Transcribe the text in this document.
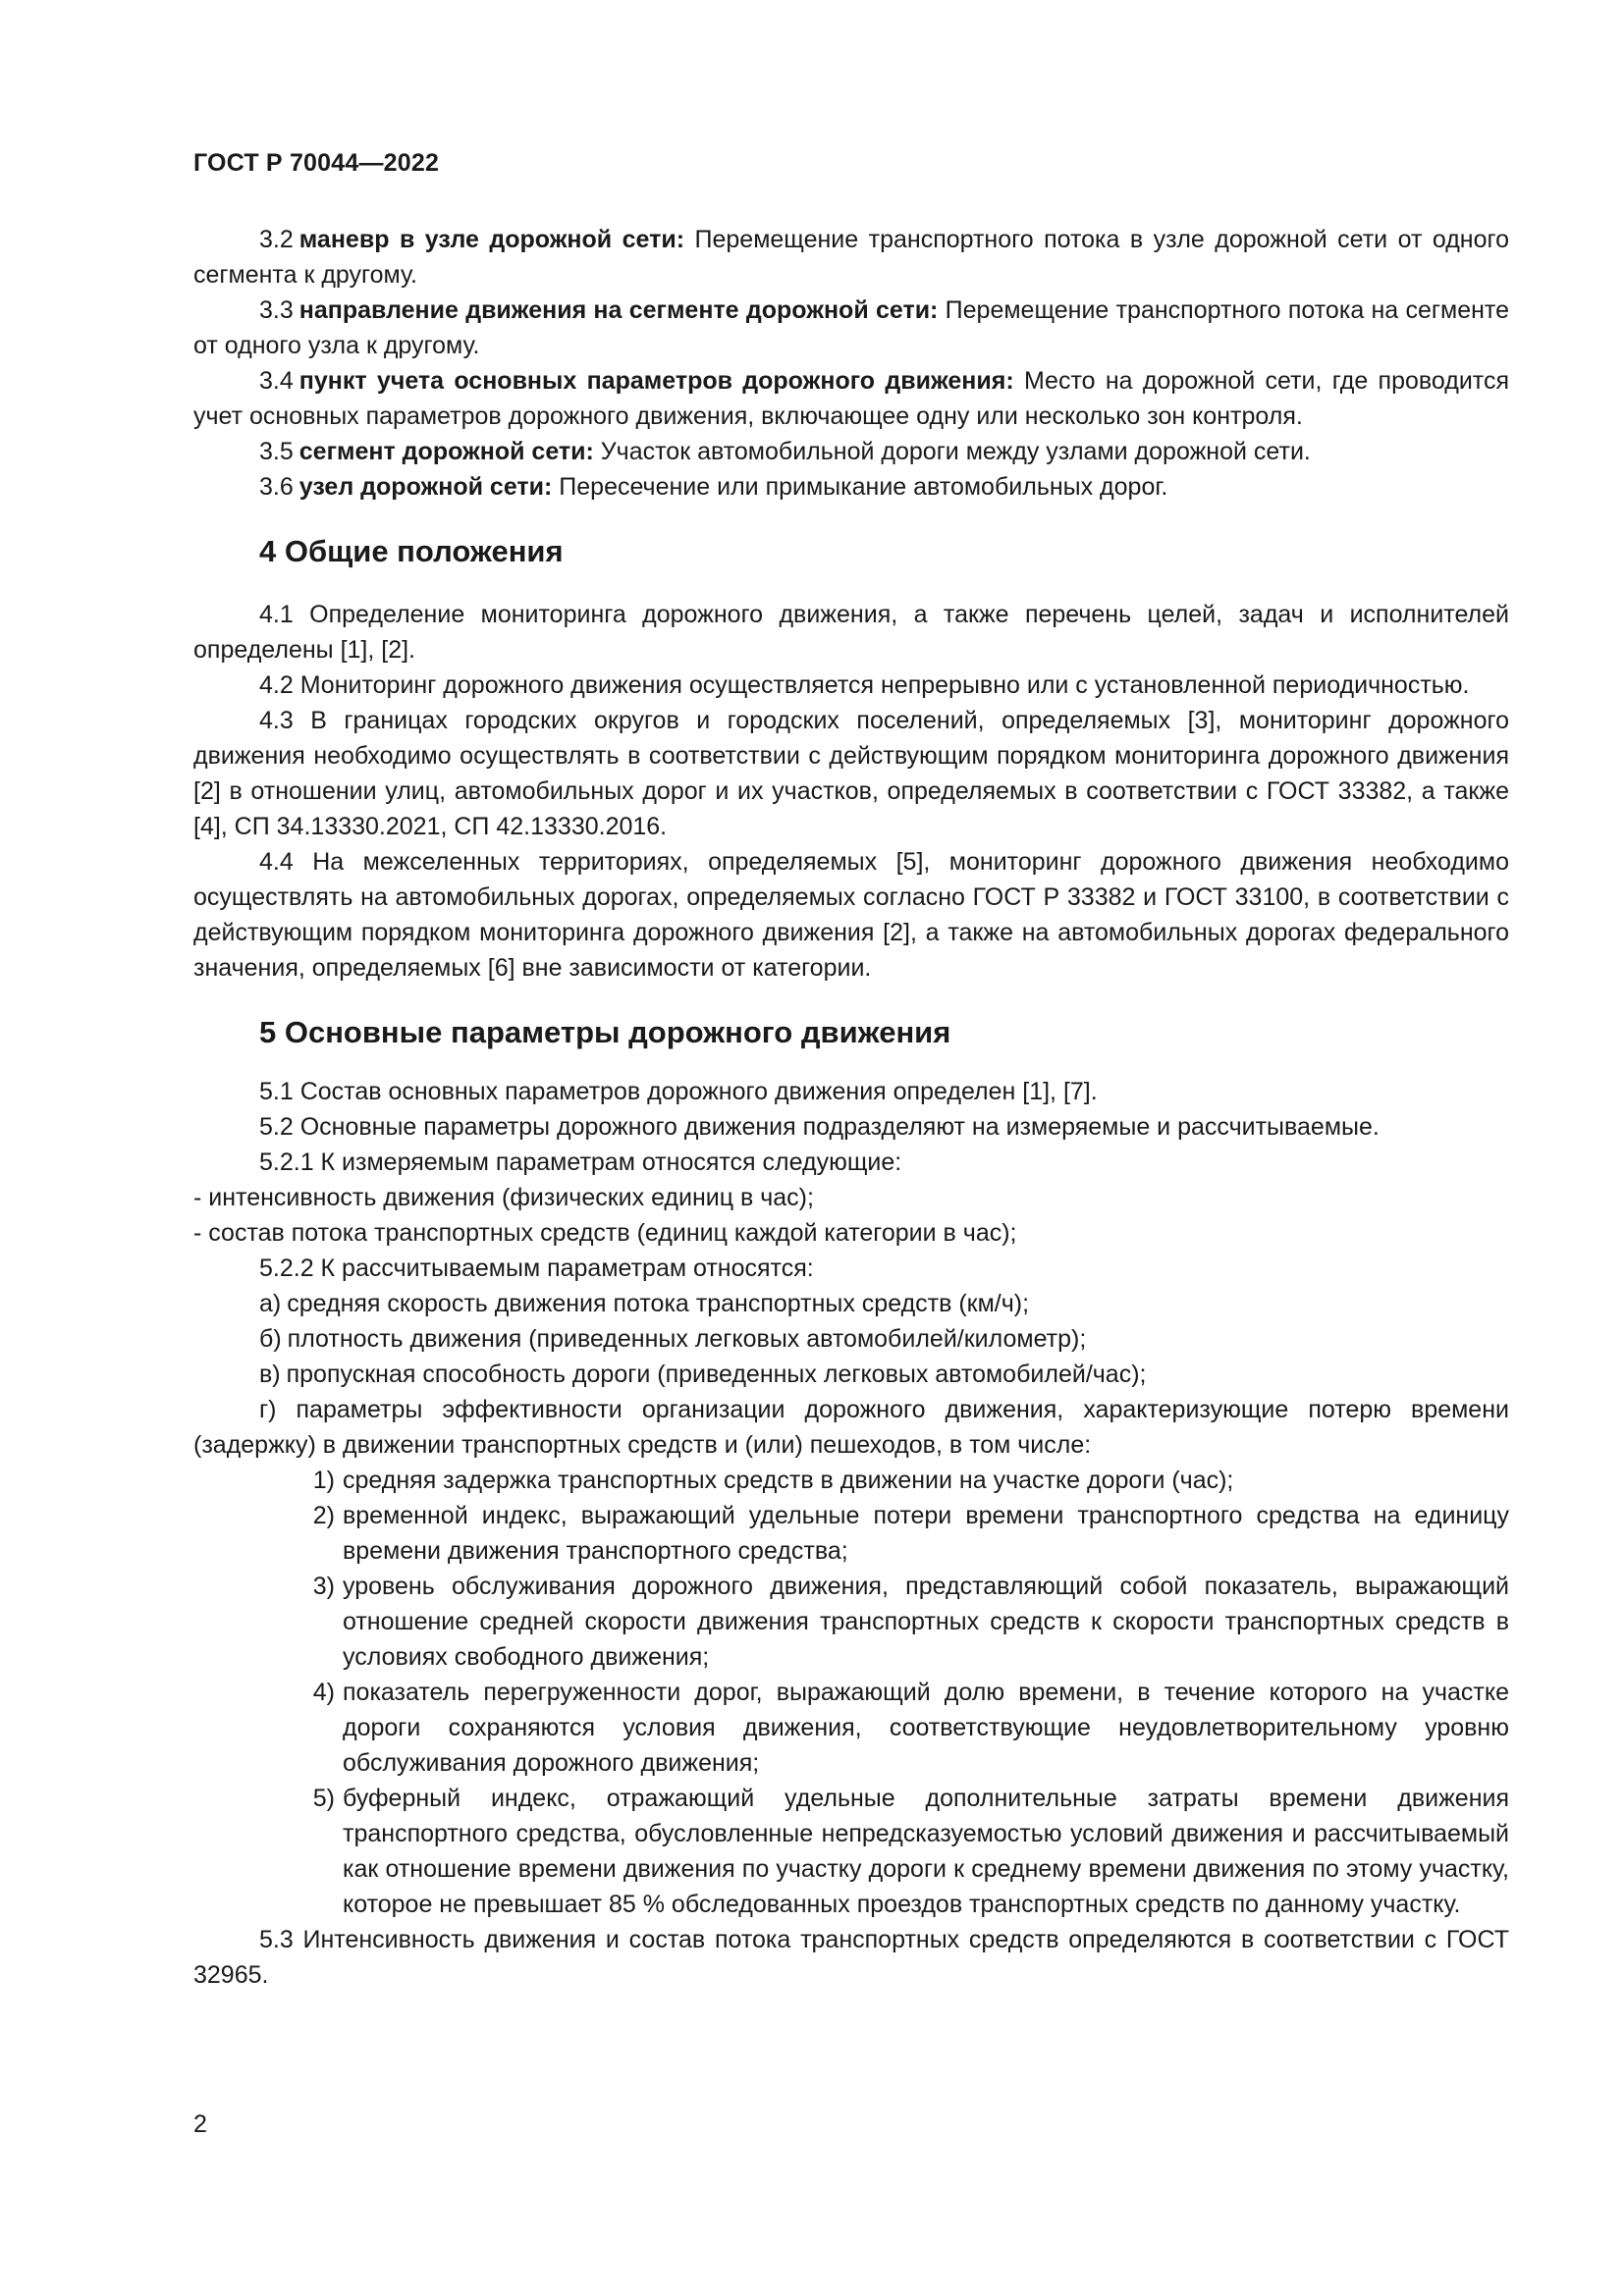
ГОСТ Р 70044—2022

3.2 маневр в узле дорожной сети: Перемещение транспортного потока в узле дорожной сети от одного сегмента к другому.

3.3 направление движения на сегменте дорожной сети: Перемещение транспортного потока на сегменте от одного узла к другому.

3.4 пункт учета основных параметров дорожного движения: Место на дорожной сети, где проводится учет основных параметров дорожного движения, включающее одну или несколько зон контроля.

3.5 сегмент дорожной сети: Участок автомобильной дороги между узлами дорожной сети.

3.6 узел дорожной сети: Пересечение или примыкание автомобильных дорог.

4 Общие положения

4.1 Определение мониторинга дорожного движения, а также перечень целей, задач и исполнителей определены [1], [2].

4.2 Мониторинг дорожного движения осуществляется непрерывно или с установленной периодичностью.

4.3 В границах городских округов и городских поселений, определяемых [3], мониторинг дорожного движения необходимо осуществлять в соответствии с действующим порядком мониторинга дорожного движения [2] в отношении улиц, автомобильных дорог и их участков, определяемых в соответствии с ГОСТ 33382, а также [4], СП 34.13330.2021, СП 42.13330.2016.

4.4 На межселенных территориях, определяемых [5], мониторинг дорожного движения необходимо осуществлять на автомобильных дорогах, определяемых согласно ГОСТ Р 33382 и ГОСТ 33100, в соответствии с действующим порядком мониторинга дорожного движения [2], а также на автомобильных дорогах федерального значения, определяемых [6] вне зависимости от категории.

5 Основные параметры дорожного движения

5.1 Состав основных параметров дорожного движения определен [1], [7].

5.2 Основные параметры дорожного движения подразделяют на измеряемые и рассчитываемые.

5.2.1 К измеряемым параметрам относятся следующие:

- интенсивность движения (физических единиц в час);

- состав потока транспортных средств (единиц каждой категории в час);

5.2.2 К рассчитываемым параметрам относятся:

а) средняя скорость движения потока транспортных средств (км/ч);

б) плотность движения (приведенных легковых автомобилей/километр);

в) пропускная способность дороги (приведенных легковых автомобилей/час);

г) параметры эффективности организации дорожного движения, характеризующие потерю времени (задержку) в движении транспортных средств и (или) пешеходов, в том числе:

1) средняя задержка транспортных средств в движении на участке дороги (час);
2) временной индекс, выражающий удельные потери времени транспортного средства на единицу времени движения транспортного средства;
3) уровень обслуживания дорожного движения, представляющий собой показатель, выражающий отношение средней скорости движения транспортных средств к скорости транспортных средств в условиях свободного движения;
4) показатель перегруженности дорог, выражающий долю времени, в течение которого на участке дороги сохраняются условия движения, соответствующие неудовлетворительному уровню обслуживания дорожного движения;
5) буферный индекс, отражающий удельные дополнительные затраты времени движения транспортного средства, обусловленные непредсказуемостью условий движения и рассчитываемый как отношение времени движения по участку дороги к среднему времени движения по этому участку, которое не превышает 85 % обследованных проездов транспортных средств по данному участку.

5.3 Интенсивность движения и состав потока транспортных средств определяются в соответствии с ГОСТ 32965.

2
